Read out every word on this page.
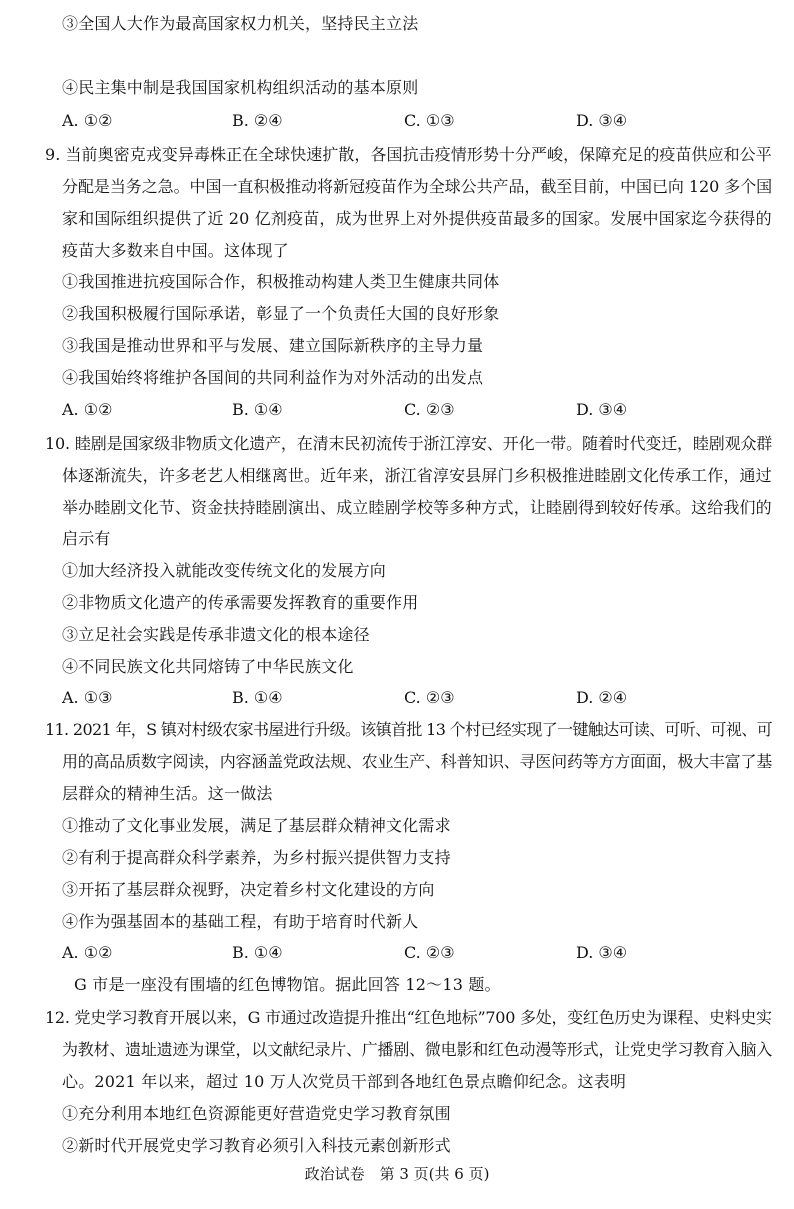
③全国人大作为最高国家权力机关，坚持民主立法
④民主集中制是我国国家机构组织活动的基本原则
A. ①②	B. ②④	C. ①③	D. ③④
9. 当前奥密克戎变异毒株正在全球快速扩散，各国抗击疫情形势十分严峻，保障充足的疫苗供应和公平
分配是当务之急。中国一直积极推动将新冠疫苗作为全球公共产品，截至目前，中国已向 120 多个国
家和国际组织提供了近 20 亿剂疫苗，成为世界上对外提供疫苗最多的国家。发展中国家迄今获得的
疫苗大多数来自中国。这体现了
①我国推进抗疫国际合作，积极推动构建人类卫生健康共同体
②我国积极履行国际承诺，彰显了一个负责任大国的良好形象
③我国是推动世界和平与发展、建立国际新秩序的主导力量
④我国始终将维护各国间的共同利益作为对外活动的出发点
A. ①②	B. ①④	C. ②③	D. ③④
10. 睦剧是国家级非物质文化遗产，在清末民初流传于浙江淳安、开化一带。随着时代变迁，睦剧观众群
体逐渐流失，许多老艺人相继离世。近年来，浙江省淳安县屏门乡积极推进睦剧文化传承工作，通过
举办睦剧文化节、资金扶持睦剧演出、成立睦剧学校等多种方式，让睦剧得到较好传承。这给我们的
启示有
①加大经济投入就能改变传统文化的发展方向
②非物质文化遗产的传承需要发挥教育的重要作用
③立足社会实践是传承非遗文化的根本途径
④不同民族文化共同熔铸了中华民族文化
A. ①③	B. ①④	C. ②③	D. ②④
11. 2021 年，S 镇对村级农家书屋进行升级。该镇首批 13 个村已经实现了一键触达可读、可听、可视、可
用的高品质数字阅读，内容涵盖党政法规、农业生产、科普知识、寻医问药等方方面面，极大丰富了基
层群众的精神生活。这一做法
①推动了文化事业发展，满足了基层群众精神文化需求
②有利于提高群众科学素养，为乡村振兴提供智力支持
③开拓了基层群众视野，决定着乡村文化建设的方向
④作为强基固本的基础工程，有助于培育时代新人
A. ①②	B. ①④	C. ②③	D. ③④
G 市是一座没有围墙的红色博物馆。据此回答 12～13 题。
12. 党史学习教育开展以来，G 市通过改造提升推出“红色地标”700 多处，变红色历史为课程、史料史实
为教材、遗址遗迹为课堂，以文献纪录片、广播剧、微电影和红色动漫等形式，让党史学习教育入脑入
心。2021 年以来，超过 10 万人次党员干部到各地红色景点瞻仰纪念。这表明
①充分利用本地红色资源能更好营造党史学习教育氛围
②新时代开展党史学习教育必须引入科技元素创新形式
政治试卷　第 3 页(共 6 页)
